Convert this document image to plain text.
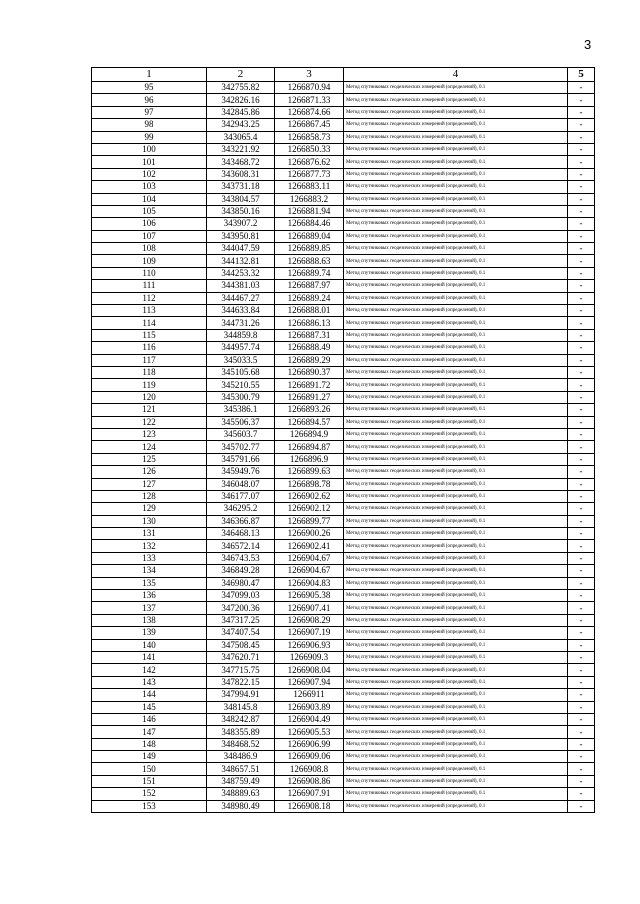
3
1	2	3	4	5
95	342755.82	1266870.94	Метод спутниковых геодезических измерений (определений), 0.1	-
96	342826.16	1266871.33	Метод спутниковых геодезических измерений (определений), 0.1	-
97	342845.86	1266874.66	Метод спутниковых геодезических измерений (определений), 0.1	-
98	342943.25	1266867.45	Метод спутниковых геодезических измерений (определений), 0.1	-
99	343065.4	1266858.73	Метод спутниковых геодезических измерений (определений), 0.1	-
100	343221.92	1266850.33	Метод спутниковых геодезических измерений (определений), 0.1	-
101	343468.72	1266876.62	Метод спутниковых геодезических измерений (определений), 0.1	-
102	343608.31	1266877.73	Метод спутниковых геодезических измерений (определений), 0.1	-
103	343731.18	1266883.11	Метод спутниковых геодезических измерений (определений), 0.1	-
104	343804.57	1266883.2	Метод спутниковых геодезических измерений (определений), 0.1	-
105	343850.16	1266881.94	Метод спутниковых геодезических измерений (определений), 0.1	-
106	343907.2	1266884.46	Метод спутниковых геодезических измерений (определений), 0.1	-
107	343950.81	1266889.04	Метод спутниковых геодезических измерений (определений), 0.1	-
108	344047.59	1266889.85	Метод спутниковых геодезических измерений (определений), 0.1	-
109	344132.81	1266888.63	Метод спутниковых геодезических измерений (определений), 0.1	-
110	344253.32	1266889.74	Метод спутниковых геодезических измерений (определений), 0.1	-
111	344381.03	1266887.97	Метод спутниковых геодезических измерений (определений), 0.1	-
112	344467.27	1266889.24	Метод спутниковых геодезических измерений (определений), 0.1	-
113	344633.84	1266888.01	Метод спутниковых геодезических измерений (определений), 0.1	-
114	344731.26	1266886.13	Метод спутниковых геодезических измерений (определений), 0.1	-
115	344859.8	1266887.31	Метод спутниковых геодезических измерений (определений), 0.1	-
116	344957.74	1266888.49	Метод спутниковых геодезических измерений (определений), 0.1	-
117	345033.5	1266889.29	Метод спутниковых геодезических измерений (определений), 0.1	-
118	345105.68	1266890.37	Метод спутниковых геодезических измерений (определений), 0.1	-
119	345210.55	1266891.72	Метод спутниковых геодезических измерений (определений), 0.1	-
120	345300.79	1266891.27	Метод спутниковых геодезических измерений (определений), 0.1	-
121	345386.1	1266893.26	Метод спутниковых геодезических измерений (определений), 0.1	-
122	345506.37	1266894.57	Метод спутниковых геодезических измерений (определений), 0.1	-
123	345603.7	1266894.9	Метод спутниковых геодезических измерений (определений), 0.1	-
124	345702.77	1266894.87	Метод спутниковых геодезических измерений (определений), 0.1	-
125	345791.66	1266896.9	Метод спутниковых геодезических измерений (определений), 0.1	-
126	345949.76	1266899.63	Метод спутниковых геодезических измерений (определений), 0.1	-
127	346048.07	1266898.78	Метод спутниковых геодезических измерений (определений), 0.1	-
128	346177.07	1266902.62	Метод спутниковых геодезических измерений (определений), 0.1	-
129	346295.2	1266902.12	Метод спутниковых геодезических измерений (определений), 0.1	-
130	346366.87	1266899.77	Метод спутниковых геодезических измерений (определений), 0.1	-
131	346468.13	1266900.26	Метод спутниковых геодезических измерений (определений), 0.1	-
132	346572.14	1266902.41	Метод спутниковых геодезических измерений (определений), 0.1	-
133	346743.53	1266904.67	Метод спутниковых геодезических измерений (определений), 0.1	-
134	346849.28	1266904.67	Метод спутниковых геодезических измерений (определений), 0.1	-
135	346980.47	1266904.83	Метод спутниковых геодезических измерений (определений), 0.1	-
136	347099.03	1266905.38	Метод спутниковых геодезических измерений (определений), 0.1	-
137	347200.36	1266907.41	Метод спутниковых геодезических измерений (определений), 0.1	-
138	347317.25	1266908.29	Метод спутниковых геодезических измерений (определений), 0.1	-
139	347407.54	1266907.19	Метод спутниковых геодезических измерений (определений), 0.1	-
140	347508.45	1266906.93	Метод спутниковых геодезических измерений (определений), 0.1	-
141	347620.71	1266909.3	Метод спутниковых геодезических измерений (определений), 0.1	-
142	347715.75	1266908.04	Метод спутниковых геодезических измерений (определений), 0.1	-
143	347822.15	1266907.94	Метод спутниковых геодезических измерений (определений), 0.1	-
144	347994.91	1266911	Метод спутниковых геодезических измерений (определений), 0.1	-
145	348145.8	1266903.89	Метод спутниковых геодезических измерений (определений), 0.1	-
146	348242.87	1266904.49	Метод спутниковых геодезических измерений (определений), 0.1	-
147	348355.89	1266905.53	Метод спутниковых геодезических измерений (определений), 0.1	-
148	348468.52	1266906.99	Метод спутниковых геодезических измерений (определений), 0.1	-
149	348486.9	1266909.06	Метод спутниковых геодезических измерений (определений), 0.1	-
150	348657.51	1266908.8	Метод спутниковых геодезических измерений (определений), 0.1	-
151	348759.49	1266908.86	Метод спутниковых геодезических измерений (определений), 0.1	-
152	348889.63	1266907.91	Метод спутниковых геодезических измерений (определений), 0.1	-
153	348980.49	1266908.18	Метод спутниковых геодезических измерений (определений), 0.1	-
